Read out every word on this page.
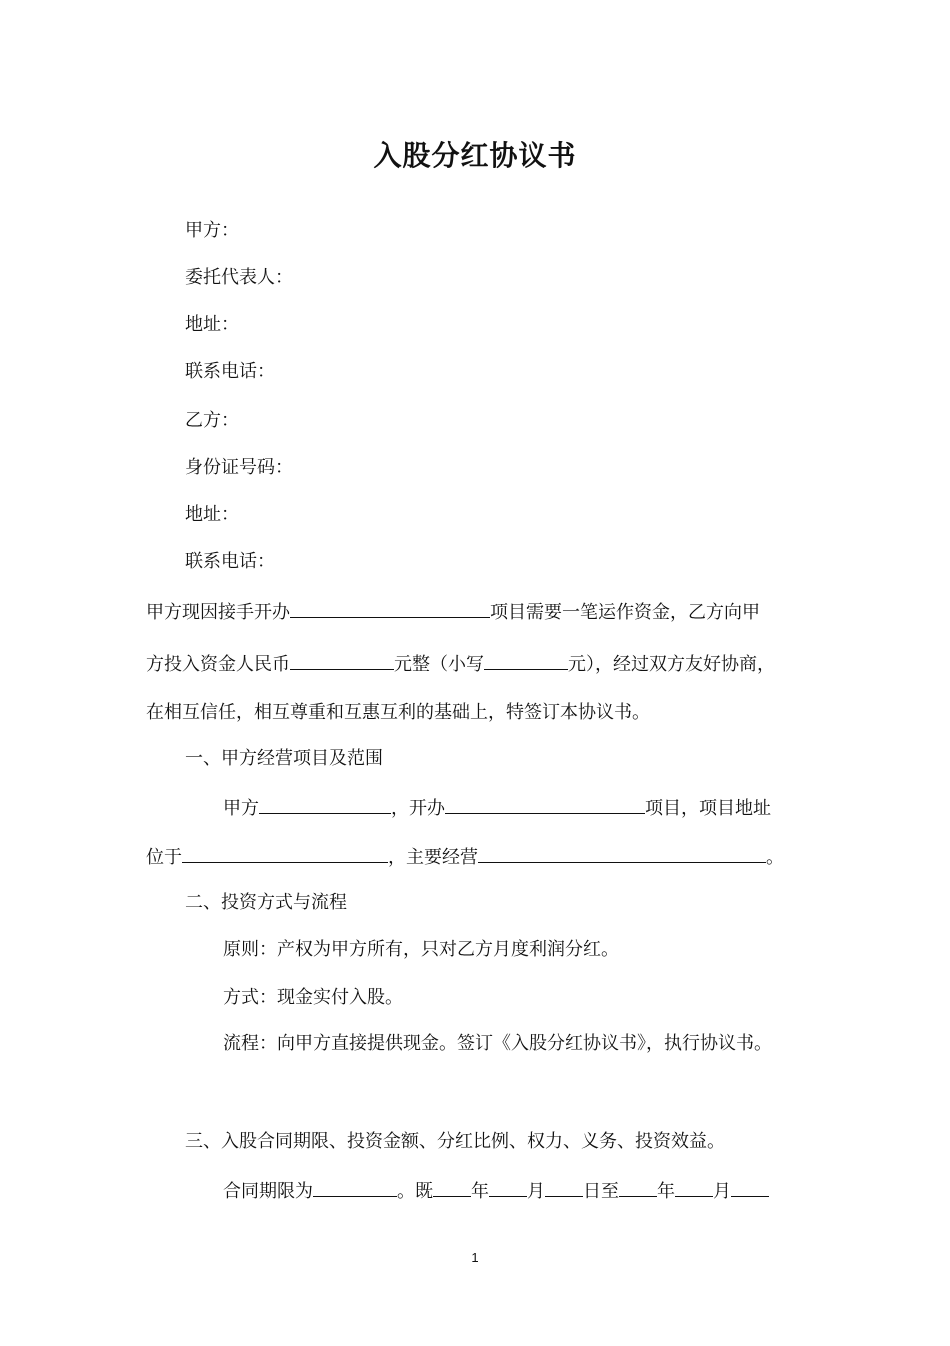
入股分红协议书
甲方：
委托代表人：
地址：
联系电话：
乙方：
身份证号码：
地址：
联系电话：
甲方现因接手开办	项目需要一笔运作资金，乙方向甲
方投入资金人民币	元整（小写	元），经过双方友好协商，
在相互信任，相互尊重和互惠互利的基础上，特签订本协议书。
一、甲方经营项目及范围
甲方	，开办	项目，项目地址
位于	，主要经营	。
二、投资方式与流程
原则：产权为甲方所有，只对乙方月度利润分红。
方式：现金实付入股。
流程：向甲方直接提供现金。签订《入股分红协议书》，执行协议书。
三、入股合同期限、投资金额、分红比例、权力、义务、投资效益。
合同期限为	。既 年 月 日至 年 月
1
